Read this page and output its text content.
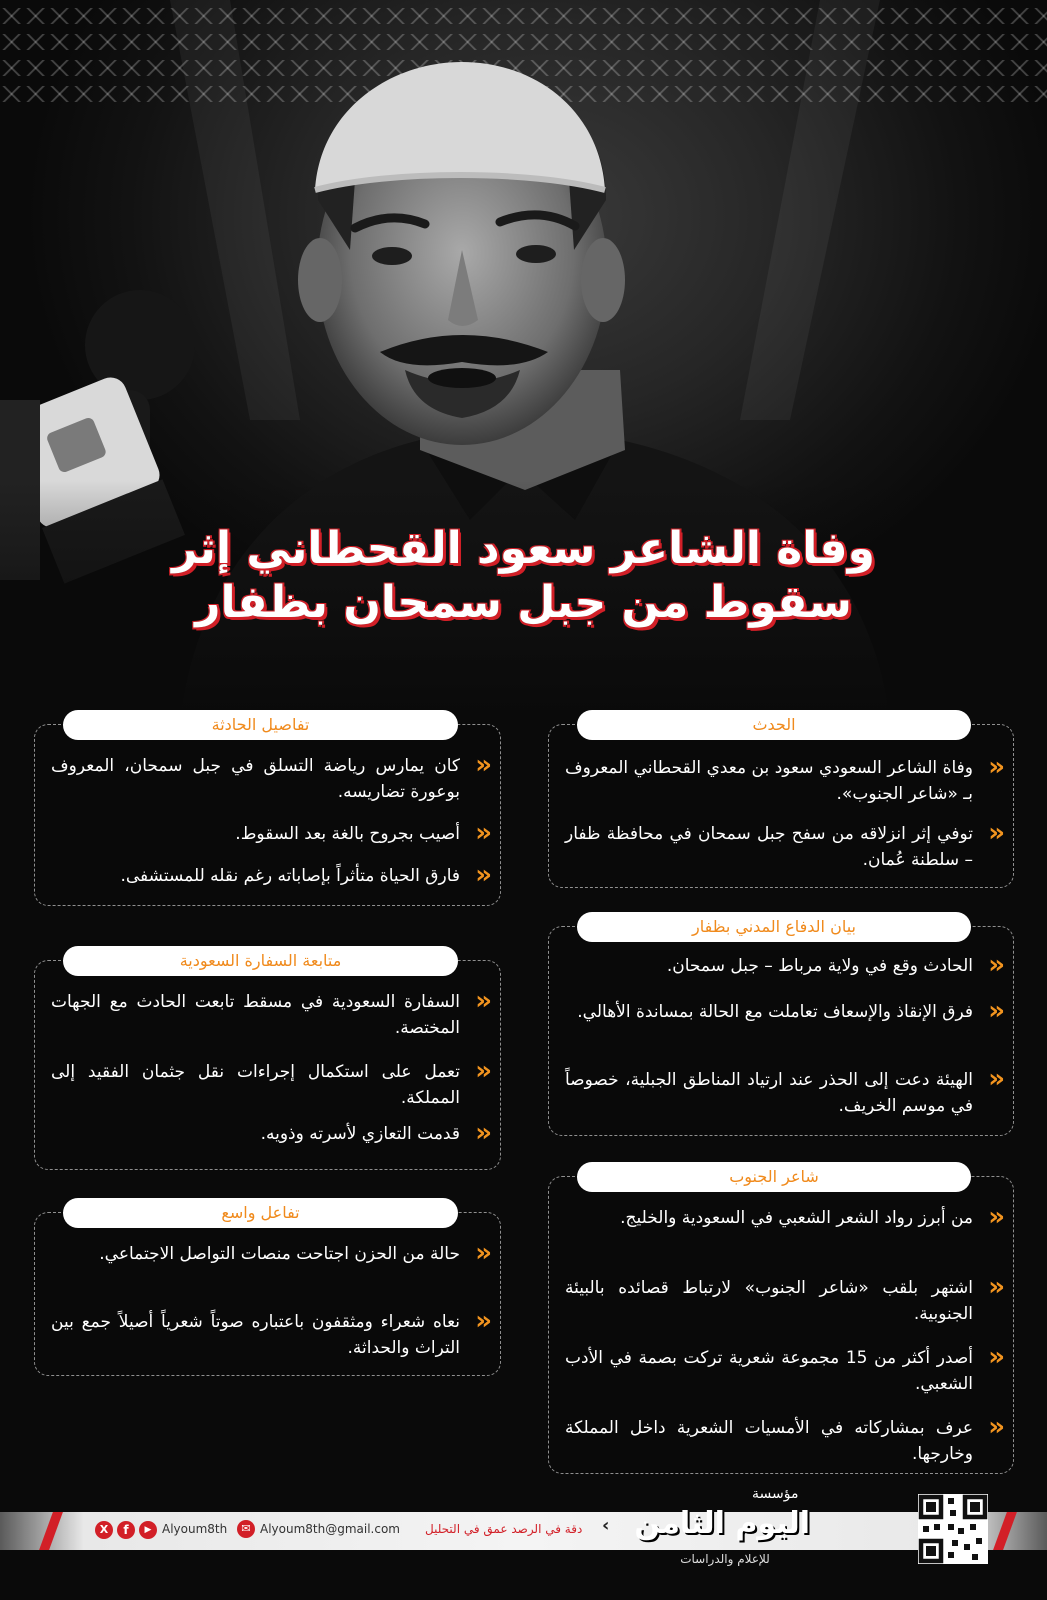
وفاة الشاعر سعود القحطاني إثر
سقوط من جبل سمحان بظفار
الحدث
«
وفاة الشاعر السعودي سعود بن معدي القحطاني المعروف بـ «شاعر الجنوب».
«
توفي إثر انزلاقه من سفح جبل سمحان في محافظة ظفار – سلطنة عُمان.
بيان الدفاع المدني بظفار
«
الحادث وقع في ولاية مرباط – جبل سمحان.
«
فرق الإنقاذ والإسعاف تعاملت مع الحالة بمساندة الأهالي.
«
الهيئة دعت إلى الحذر عند ارتياد المناطق الجبلية، خصوصاً في موسم الخريف.
شاعر الجنوب
«
من أبرز رواد الشعر الشعبي في السعودية والخليج.
«
اشتهر بلقب «شاعر الجنوب» لارتباط قصائده بالبيئة الجنوبية.
«
أصدر أكثر من 15 مجموعة شعرية تركت بصمة في الأدب الشعبي.
«
عرف بمشاركاته في الأمسيات الشعرية داخل المملكة وخارجها.
تفاصيل الحادثة
«
كان يمارس رياضة التسلق في جبل سمحان، المعروف بوعورة تضاريسه.
«
أصيب بجروح بالغة بعد السقوط.
«
فارق الحياة متأثراً بإصاباته رغم نقله للمستشفى.
متابعة السفارة السعودية
«
السفارة السعودية في مسقط تابعت الحادث مع الجهات المختصة.
«
تعمل على استكمال إجراءات نقل جثمان الفقيد إلى المملكة.
«
قدمت التعازي لأسرته وذويه.
تفاعل واسع
«
حالة من الحزن اجتاحت منصات التواصل الاجتماعي.
«
نعاه شعراء ومثقفون باعتباره صوتاً شعرياً أصيلاً جمع بين التراث والحداثة.
X	f	▶ Alyoum8th	✉ Alyoum8th@gmail.com دقة في الرصد عمق في التحليل ‹
مؤسسة
اليوم الثامن
للإعلام والدراسات
